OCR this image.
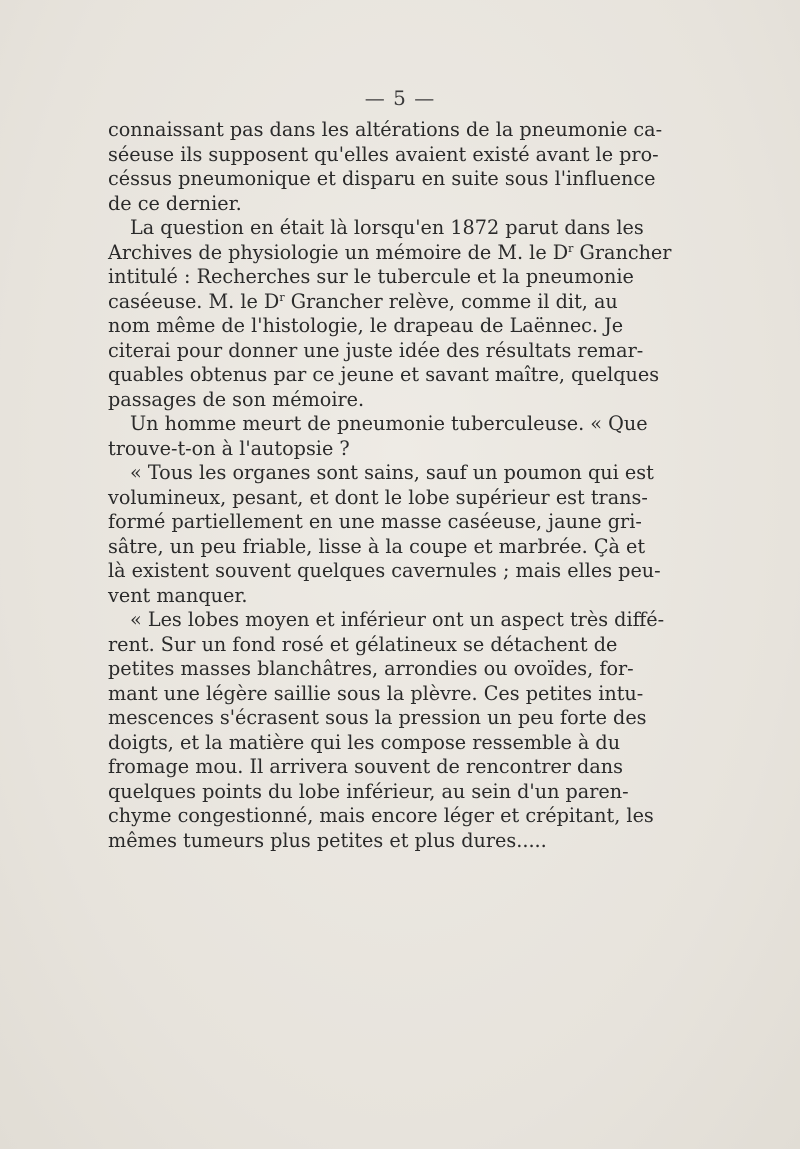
— 5 —
connaissant pas dans les altérations de la pneumonie ca-
séeuse ils supposent qu'elles avaient existé avant le pro-
céssus pneumonique et disparu en suite sous l'influence
de ce dernier.
La question en était là lorsqu'en 1872 parut dans les
Archives de physiologie un mémoire de M. le $D^r$ Grancher
intitulé : Recherches sur le tubercule et la pneumonie
caséeuse. M. le $D^r$ Grancher relève, comme il dit, au
nom même de l'histologie, le drapeau de Laënnec. Je
citerai pour donner une juste idée des résultats remar-
quables obtenus par ce jeune et savant maître, quelques
passages de son mémoire.
Un homme meurt de pneumonie tuberculeuse. « Que
trouve-t-on à l'autopsie ?
« Tous les organes sont sains, sauf un poumon qui est
volumineux, pesant, et dont le lobe supérieur est trans-
formé partiellement en une masse caséeuse, jaune gri-
sâtre, un peu friable, lisse à la coupe et marbrée. Çà et
là existent souvent quelques cavernules ; mais elles peu-
vent manquer.
« Les lobes moyen et inférieur ont un aspect très diffé-
rent. Sur un fond rosé et gélatineux se détachent de
petites masses blanchâtres, arrondies ou ovoïdes, for-
mant une légère saillie sous la plèvre. Ces petites intu-
mescences s'écrasent sous la pression un peu forte des
doigts, et la matière qui les compose ressemble à du
fromage mou. Il arrivera souvent de rencontrer dans
quelques points du lobe inférieur, au sein d'un paren-
chyme congestionné, mais encore léger et crépitant, les
mêmes tumeurs plus petites et plus dures.....
